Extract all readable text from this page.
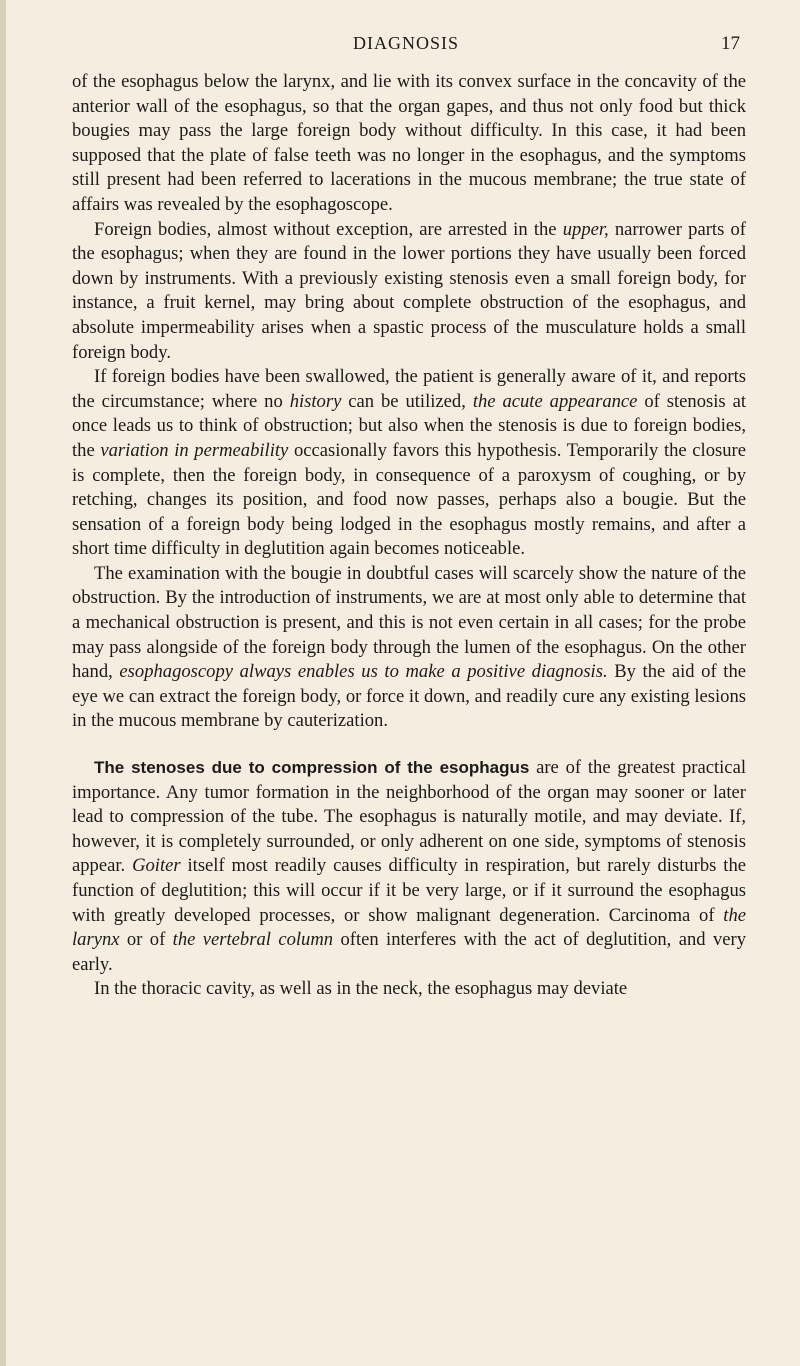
DIAGNOSIS	17

of the esophagus below the larynx, and lie with its convex surface in the concavity of the anterior wall of the esophagus, so that the organ gapes, and thus not only food but thick bougies may pass the large foreign body without difficulty. In this case, it had been supposed that the plate of false teeth was no longer in the esophagus, and the symptoms still present had been referred to lacerations in the mucous membrane; the true state of affairs was revealed by the esophagoscope.

Foreign bodies, almost without exception, are arrested in the upper, narrower parts of the esophagus; when they are found in the lower portions they have usually been forced down by instruments. With a previously existing stenosis even a small foreign body, for instance, a fruit kernel, may bring about complete obstruction of the esophagus, and absolute impermeability arises when a spastic process of the musculature holds a small foreign body.

If foreign bodies have been swallowed, the patient is generally aware of it, and reports the circumstance; where no history can be utilized, the acute appearance of stenosis at once leads us to think of obstruction; but also when the stenosis is due to foreign bodies, the variation in permeability occasionally favors this hypothesis. Temporarily the closure is complete, then the foreign body, in consequence of a paroxysm of coughing, or by retching, changes its position, and food now passes, perhaps also a bougie. But the sensation of a foreign body being lodged in the esophagus mostly remains, and after a short time difficulty in deglutition again becomes noticeable.

The examination with the bougie in doubtful cases will scarcely show the nature of the obstruction. By the introduction of instruments, we are at most only able to determine that a mechanical obstruction is present, and this is not even certain in all cases; for the probe may pass alongside of the foreign body through the lumen of the esophagus. On the other hand, esophagoscopy always enables us to make a positive diagnosis. By the aid of the eye we can extract the foreign body, or force it down, and readily cure any existing lesions in the mucous membrane by cauterization.

The stenoses due to compression of the esophagus are of the greatest practical importance. Any tumor formation in the neighborhood of the organ may sooner or later lead to compression of the tube. The esophagus is naturally motile, and may deviate. If, however, it is completely surrounded, or only adherent on one side, symptoms of stenosis appear. Goiter itself most readily causes difficulty in respiration, but rarely disturbs the function of deglutition; this will occur if it be very large, or if it surround the esophagus with greatly developed processes, or show malignant degeneration. Carcinoma of the larynx or of the vertebral column often interferes with the act of deglutition, and very early.

In the thoracic cavity, as well as in the neck, the esophagus may deviate
